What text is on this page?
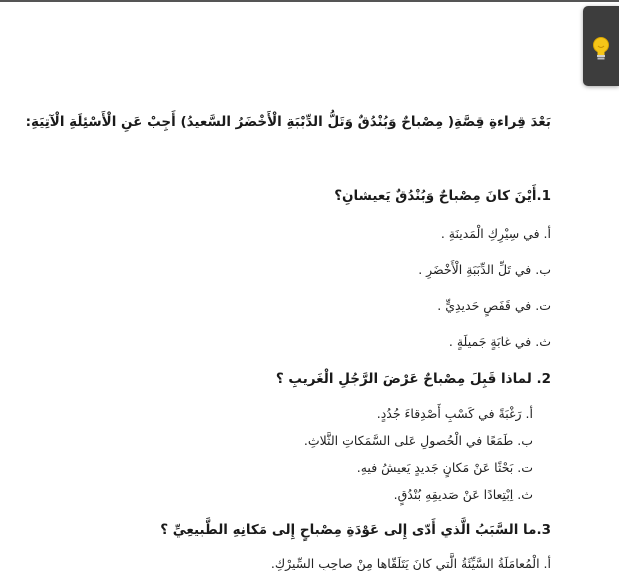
بَعْدَ قِراءةِ قِصَّةِ( مِصْباحٌ وَبُنْدُقٌ وَتَلُّ الدِّبْبَةِ الْأَخْضَرُ السَّعيدُ) أَجِبْ عَنِ الْأَسْئِلَةِ الْآتِيَةِ:
1.أَيْنَ كانَ مِصْباحٌ وَبُنْدُقٌ يَعيشانِ؟
أ. في سِيْرِكِ الْمَدينَةِ .
ب. في تَلِّ الدِّبَبَةِ الْأَخْضَرِ .
ت. في قَفَصٍ حَديدِيٍّ .
ث. في غابَةٍ جَميلَةٍ .
2. لماذا قَبِلَ مِصْباحٌ عَرْضَ الرَّجُلِ الْغَريبِ ؟
أ. رَغْبَةً في كَسْبِ أَصْدِقاءَ جُدُدٍ.
ب. طَمَعًا في الْحُصولِ عَلى السَّمَكاتِ الثَّلاثِ.
ت. بَحْثًا عَنْ مَكانٍ جَديدٍ يَعيشُ فيهِ.
ث. اِبْتِعادًا عَنْ صَديقِهِ بُنْدُقٍ.
3.ما السَّبَبُ الَّذي أَدّى إِلى عَوْدَةِ مِصْباحٍ إِلى مَكانِهِ الطَّبيعِيِّ ؟
أ. الْمُعامَلَةُ السَّيِّئَةُ الَّتي كانَ يَتَلَقّاها مِنْ صاحِبِ السِّيرْكِ.
